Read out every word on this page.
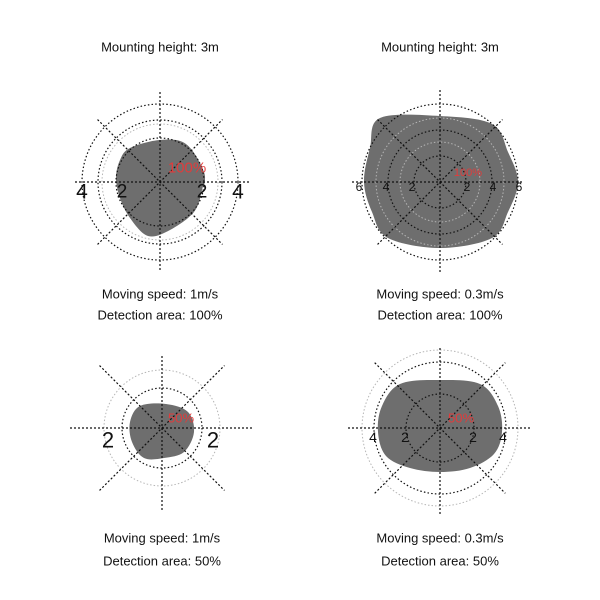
Mounting height: 3m
4 2	2 4
100%
Moving speed: 1m/s
Detection area: 100%
Mounting height: 3m
6 4 2	2 4 6
100%
Moving speed: 0.3m/s
Detection area: 100%
2	2
50%
Moving speed: 1m/s
Detection area: 50%
4 2	2 4
50%
Moving speed: 0.3m/s
Detection area: 50%
